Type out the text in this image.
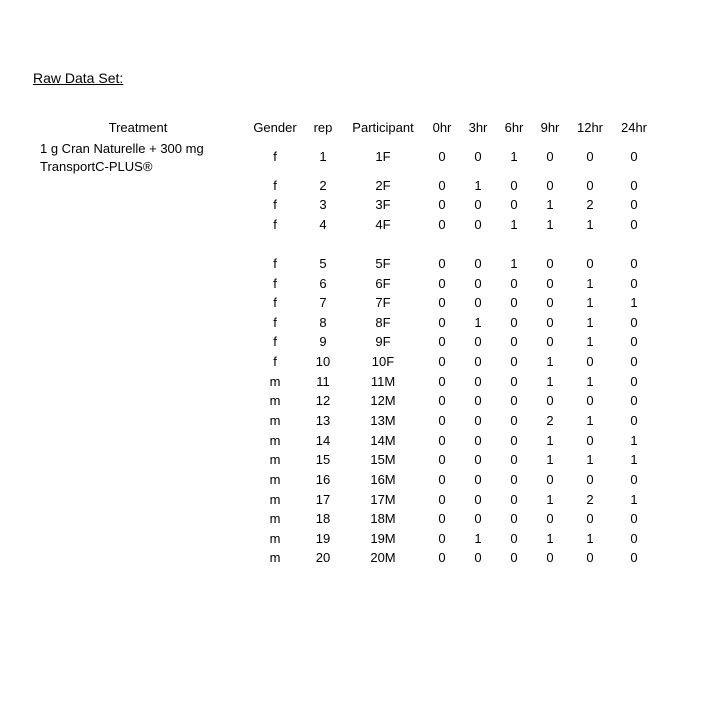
Raw Data Set:
Treatment	Gender rep Participant 0hr 3hr 6hr 9hr 12hr 24hr
1 g Cran Naturelle + 300 mg
TransportC-PLUS®
f	1	1F	0 0 1 0	0	0
f	2	2F	0 1 0 0	0	0
f	3	3F	0 0 0 1	2	0
f	4	4F	0 0 1 1	1	0
f	5	5F	0 0 1 0	0	0
f	6	6F	0 0 0 0	1	0
f	7	7F	0 0 0 0	1	1
f	8	8F	0 1 0 0	1	0
f	9	9F	0 0 0 0	1	0
f	10	10F	0 0 0 1	0	0
m	11	11M	0 0 0 1	1	0
m	12	12M	0 0 0 0	0	0
m	13	13M	0 0 0 2	1	0
m	14	14M	0 0 0 1	0	1
m	15	15M	0 0 0 1	1	1
m	16	16M	0 0 0 0	0	0
m	17	17M	0 0 0 1	2	1
m	18	18M	0 0 0 0	0	0
m	19	19M	0 1 0 1	1	0
m	20	20M	0 0 0 0	0	0
